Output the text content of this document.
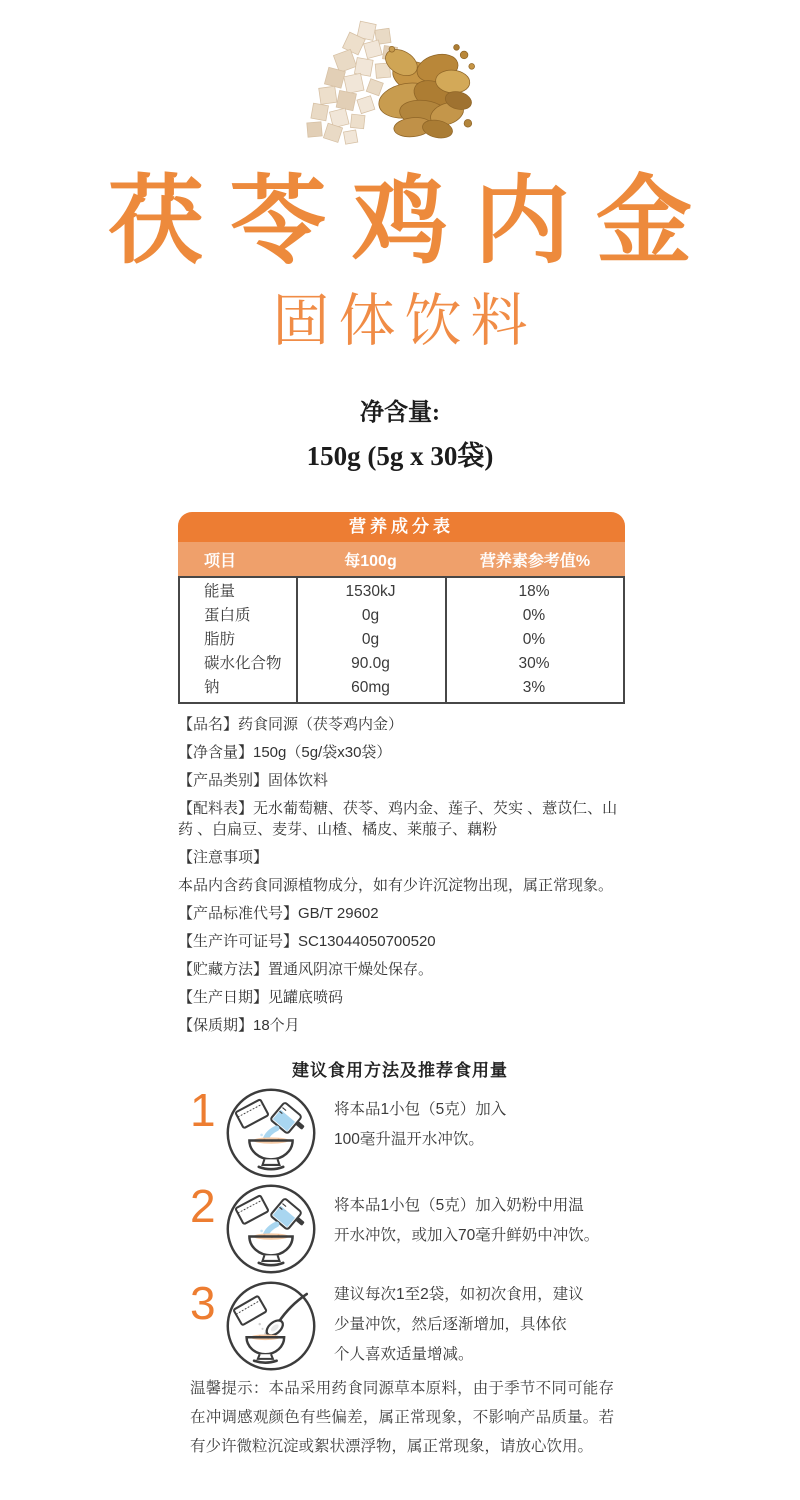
茯苓鸡内金
固体饮料
净含量:
150g (5g x 30袋)
营养成分表
项目	每100g	营养素参考值%
能量	1530kJ	18%
蛋白质	0g	0%
脂肪	0g	0%
碳水化合物	90.0g	30%
钠	60mg	3%
【品名】药食同源（茯苓鸡内金）
【净含量】150g（5g/袋x30袋）
【产品类别】固体饮料
【配料表】无水葡萄糖、茯苓、鸡内金、莲子、芡实 、薏苡仁、山药 、白扁豆、麦芽、山楂、橘皮、莱菔子、藕粉
【注意事项】
本品内含药食同源植物成分，如有少许沉淀物出现，属正常现象。
【产品标准代号】GB/T 29602
【生产许可证号】SC13044050700520
【贮藏方法】置通风阴凉干燥处保存。
【生产日期】见罐底喷码
【保质期】18个月
建议食用方法及推荐食用量
1	将本品1小包（5克）加入
100毫升温开水冲饮。
2	将本品1小包（5克）加入奶粉中用温
开水冲饮，或加入70毫升鲜奶中冲饮。
3	建议每次1至2袋，如初次食用，建议
少量冲饮，然后逐渐增加，具体依
个人喜欢适量增减。
温馨提示：本品采用药食同源草本原料，由于季节不同可能存在冲调感观颜色有些偏差，属正常现象，不影响产品质量。若有少许微粒沉淀或絮状漂浮物，属正常现象，请放心饮用。
